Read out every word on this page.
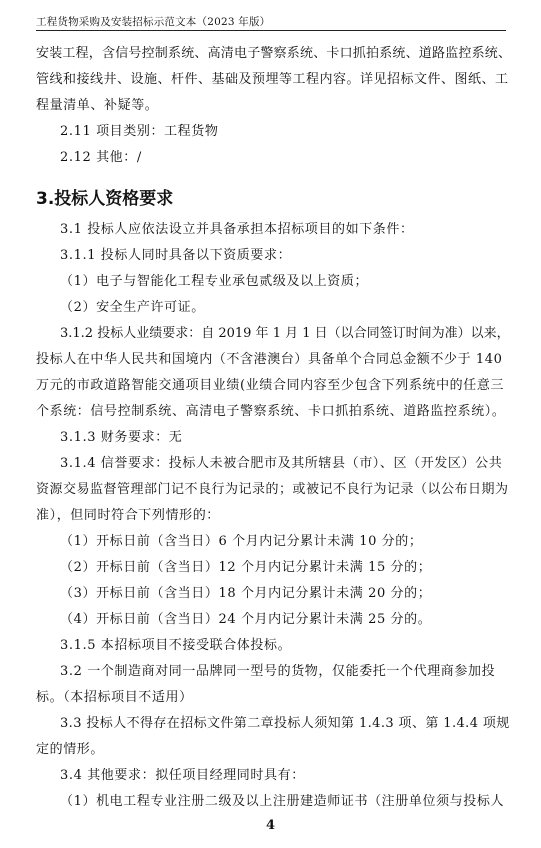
工程货物采购及安装招标示范文本（2023 年版）
安装工程，含信号控制系统、高清电子警察系统、卡口抓拍系统、道路监控系统、
管线和接线井、设施、杆件、基础及预埋等工程内容。详见招标文件、图纸、工
程量清单、补疑等。
2.11 项目类别：工程货物
2.12 其他：/
3.投标人资格要求
3.1 投标人应依法设立并具备承担本招标项目的如下条件：
3.1.1 投标人同时具备以下资质要求：
（1）电子与智能化工程专业承包贰级及以上资质；
（2）安全生产许可证。
3.1.2 投标人业绩要求：自 2019 年 1 月 1 日（以合同签订时间为准）以来，
投标人在中华人民共和国境内（不含港澳台）具备单个合同总金额不少于 140
万元的市政道路智能交通项目业绩(业绩合同内容至少包含下列系统中的任意三
个系统：信号控制系统、高清电子警察系统、卡口抓拍系统、道路监控系统）。
3.1.3 财务要求：无
3.1.4 信誉要求：投标人未被合肥市及其所辖县（市）、区（开发区）公共
资源交易监督管理部门记不良行为记录的；或被记不良行为记录（以公布日期为
准），但同时符合下列情形的：
（1）开标日前（含当日）6 个月内记分累计未满 10 分的；
（2）开标日前（含当日）12 个月内记分累计未满 15 分的；
（3）开标日前（含当日）18 个月内记分累计未满 20 分的；
（4）开标日前（含当日）24 个月内记分累计未满 25 分的。
3.1.5 本招标项目不接受联合体投标。
3.2 一个制造商对同一品牌同一型号的货物，仅能委托一个代理商参加投
标。（本招标项目不适用）
3.3 投标人不得存在招标文件第二章投标人须知第 1.4.3 项、第 1.4.4 项规
定的情形。
3.4 其他要求：拟任项目经理同时具有：
（1）机电工程专业注册二级及以上注册建造师证书（注册单位须与投标人
4
